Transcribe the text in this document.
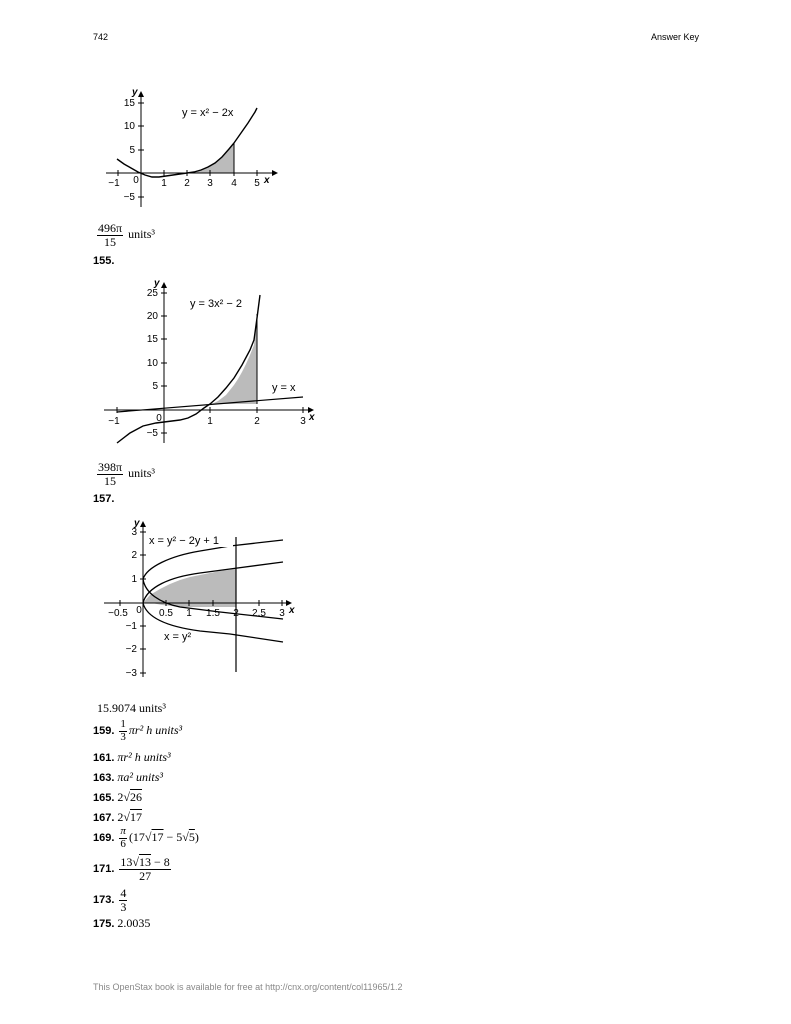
742	Answer Key
y = x² − 2x
−1 0 1 2 3 4 5
15
10
5
−5
x
y
$\frac{496\pi}{15}$ units³
155.
y = 3x² − 2
y = x
−1	0	1	2	3
25
20
15
10
5
−5
x
y
$\frac{398\pi}{15}$ units³
157.
x = y² − 2y + 1
x = y²
−0.5 0 0.5 1 1.5 2 2.5 3
3
2
1
−1
−2
−3
x
y
15.9074 units³
159. $\frac{1}{3} \pi r^2$ h units³
161. πr² h units³
163. πa² units³
165. 2√26
167. 2√17
169. $\frac{\pi}{6} (17√17 - 5√5)$
171. $\frac{13√13 - 8}{27}$
173. $\frac{4}{3}$
175. 2.0035
This OpenStax book is available for free at http://cnx.org/content/col11965/1.2
